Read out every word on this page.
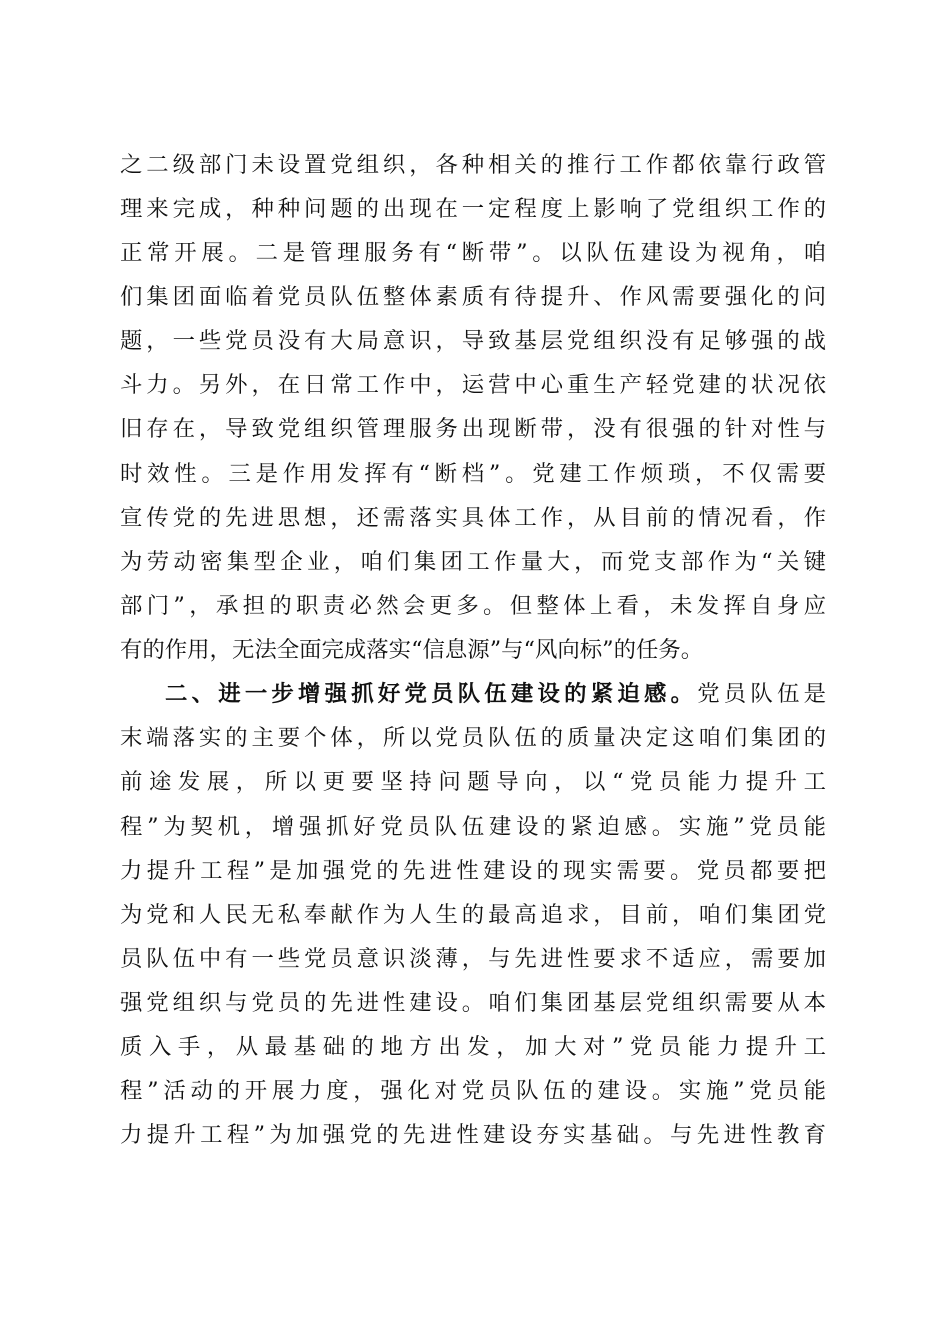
之二级部门未设置党组织，各种相关的推行工作都依靠行政管
理来完成，种种问题的出现在一定程度上影响了党组织工作的
正常开展。二是管理服务有“断带”。以队伍建设为视角，咱
们集团面临着党员队伍整体素质有待提升、作风需要强化的问
题，一些党员没有大局意识，导致基层党组织没有足够强的战
斗力。另外，在日常工作中，运营中心重生产轻党建的状况依
旧存在，导致党组织管理服务出现断带，没有很强的针对性与
时效性。三是作用发挥有“断档”。党建工作烦琐，不仅需要
宣传党的先进思想，还需落实具体工作，从目前的情况看，作
为劳动密集型企业，咱们集团工作量大，而党支部作为“关键
部门”，承担的职责必然会更多。但整体上看，未发挥自身应
有的作用，无法全面完成落实“信息源”与“风向标”的任务。
二、进一步增强抓好党员队伍建设的紧迫感。党员队伍是
末端落实的主要个体，所以党员队伍的质量决定这咱们集团的
前途发展，所以更要坚持问题导向，以“党员能力提升工
程”为契机，增强抓好党员队伍建设的紧迫感。实施”党员能
力提升工程”是加强党的先进性建设的现实需要。党员都要把
为党和人民无私奉献作为人生的最高追求，目前，咱们集团党
员队伍中有一些党员意识淡薄，与先进性要求不适应，需要加
强党组织与党员的先进性建设。咱们集团基层党组织需要从本
质入手，从最基础的地方出发，加大对”党员能力提升工
程”活动的开展力度，强化对党员队伍的建设。实施”党员能
力提升工程”为加强党的先进性建设夯实基础。与先进性教育
